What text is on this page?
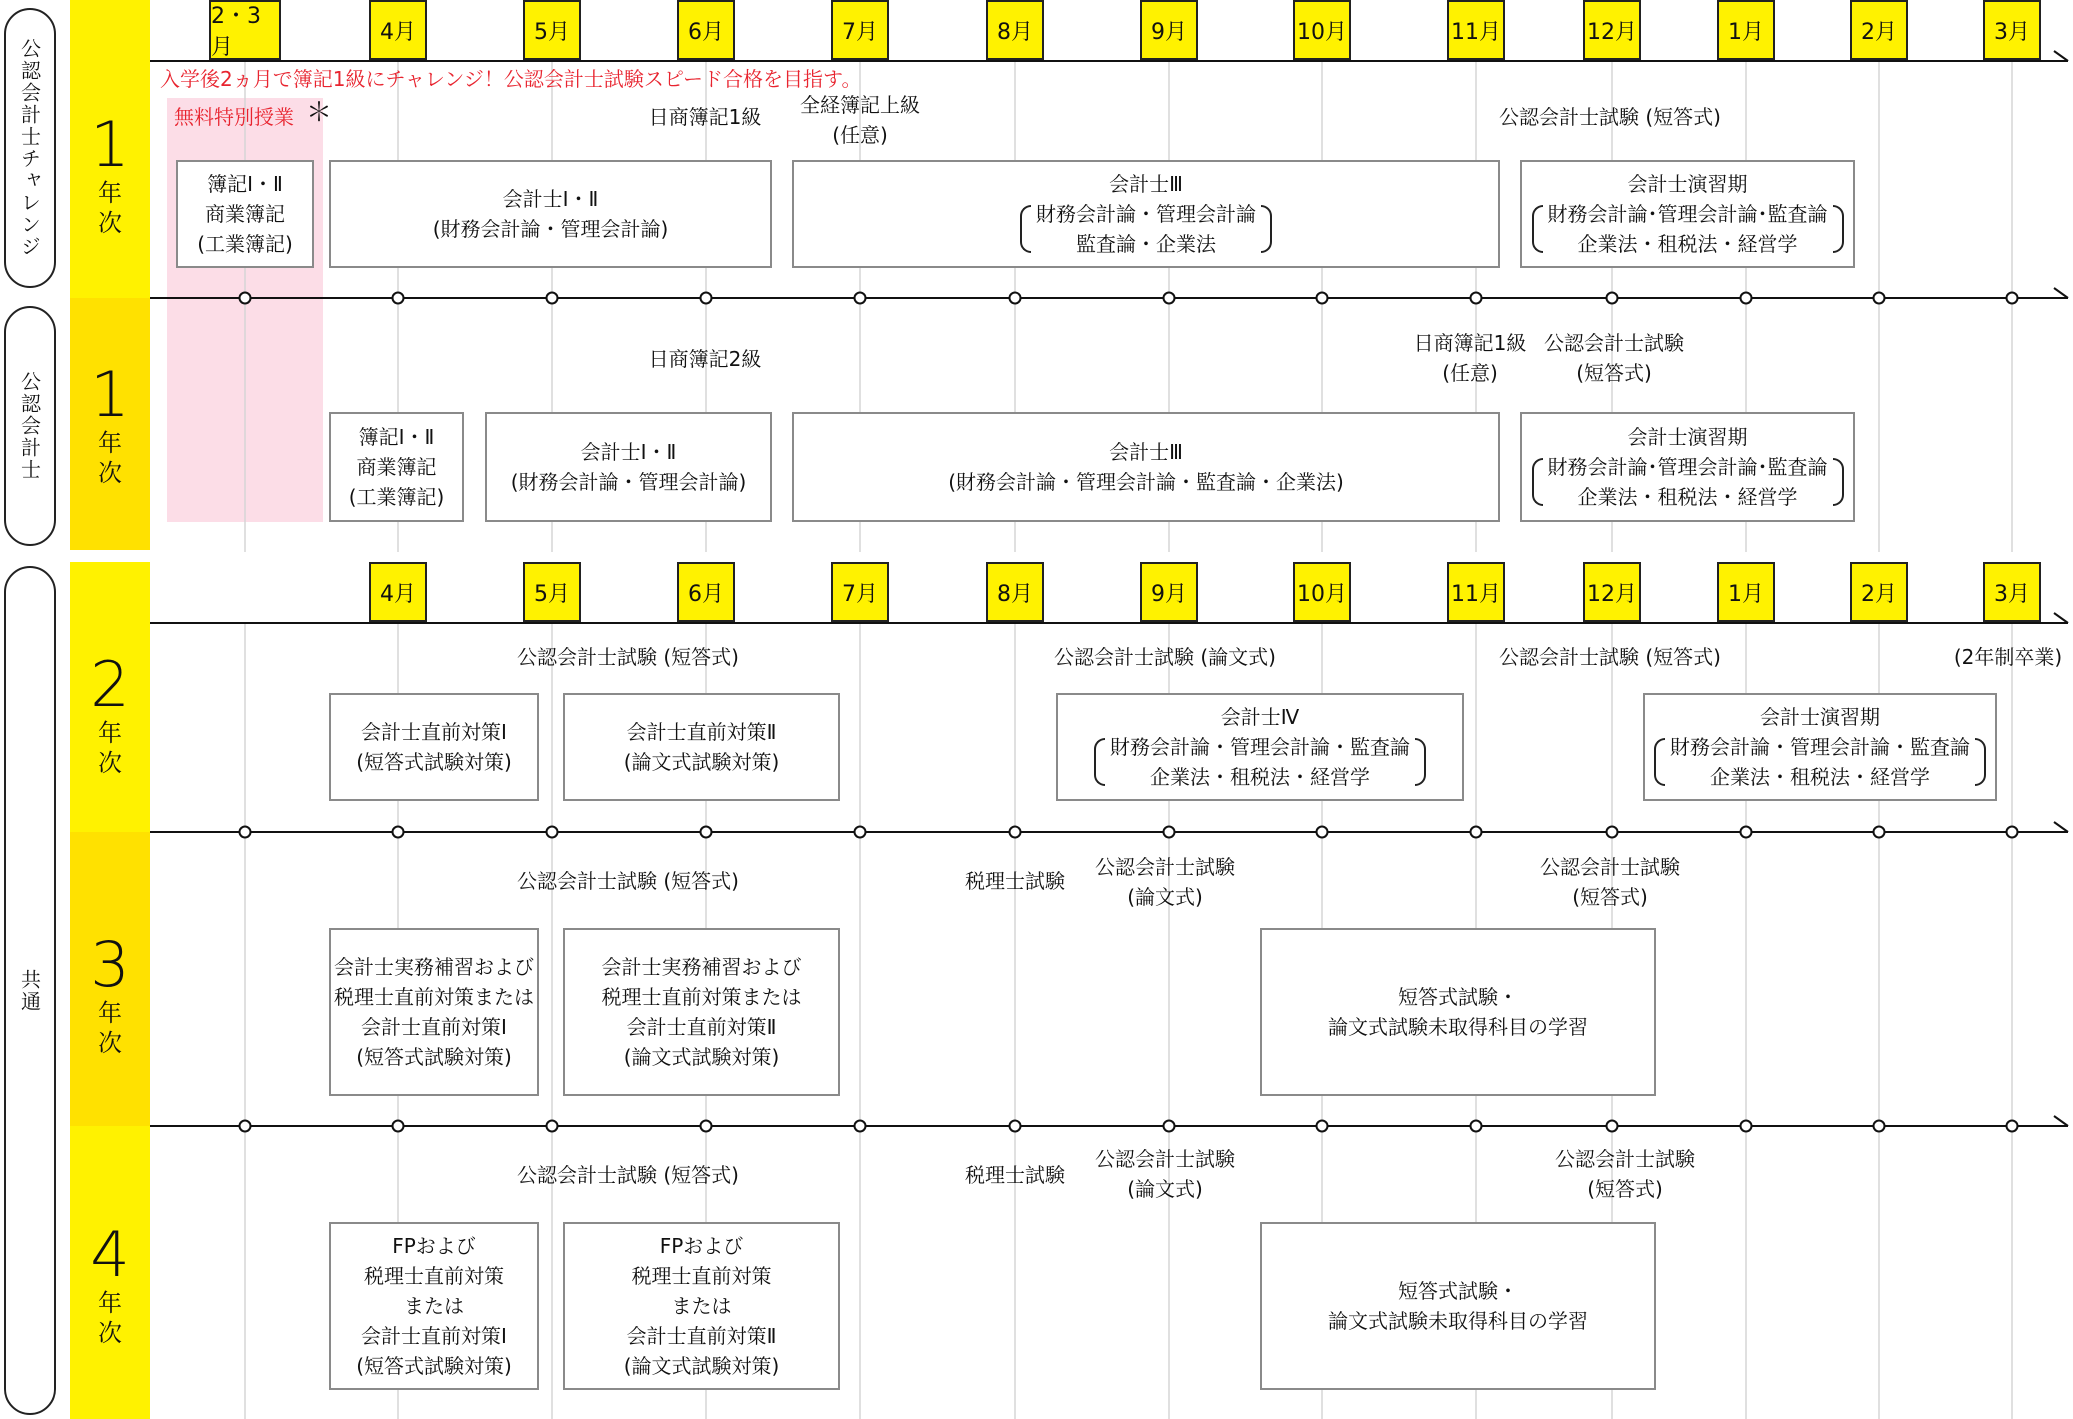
公認会計士チャレンジ
公認会計士
共通
1
年
次
1
年
次
2
年
次
3
年
次
4
年
次
2・3月
4月	5月	6月	7月	8月	9月	10月	11月	12月	1月	2月	3月
4月	5月	6月	7月	8月	9月	10月	11月	12月	1月	2月	3月
入学後2ヵ月で簿記1級にチャレンジ！公認会計士試験スピード合格を目指す。
無料特別授業 ＊	日商簿記1級 全経簿記上級
(任意)
公認会計士試験 (短答式)
簿記Ⅰ・Ⅱ
商業簿記
(工業簿記)
会計士Ⅰ・Ⅱ
(財務会計論・管理会計論)
会計士Ⅲ
財務会計論・管理会計論
監査論・企業法
会計士演習期
財務会計論･管理会計論･監査論
企業法・租税法・経営学
日商簿記2級
日商簿記1級
(任意)
公認会計士試験
(短答式)
簿記Ⅰ・Ⅱ
商業簿記
(工業簿記)
会計士Ⅰ・Ⅱ
(財務会計論・管理会計論)
会計士Ⅲ
(財務会計論・管理会計論・監査論・企業法)
会計士演習期
財務会計論･管理会計論･監査論
企業法・租税法・経営学
公認会計士試験 (短答式)	公認会計士試験 (論文式)	公認会計士試験 (短答式)	(2年制卒業)
会計士直前対策Ⅰ
(短答式試験対策)
会計士直前対策Ⅱ
(論文式試験対策)
会計士Ⅳ
財務会計論・管理会計論・監査論
企業法・租税法・経営学
会計士演習期
財務会計論・管理会計論・監査論
企業法・租税法・経営学
公認会計士試験 (短答式)	税理士試験
公認会計士試験
(論文式)
公認会計士試験
(短答式)
会計士実務補習および
税理士直前対策または
会計士直前対策Ⅰ
(短答式試験対策)
会計士実務補習および
税理士直前対策または
会計士直前対策Ⅱ
(論文式試験対策)
短答式試験・
論文式試験未取得科目の学習
公認会計士試験 (短答式)	税理士試験
公認会計士試験
(論文式)
公認会計士試験
(短答式)
FPおよび
税理士直前対策
または
会計士直前対策Ⅰ
(短答式試験対策)
FPおよび
税理士直前対策
または
会計士直前対策Ⅱ
(論文式試験対策)
短答式試験・
論文式試験未取得科目の学習
